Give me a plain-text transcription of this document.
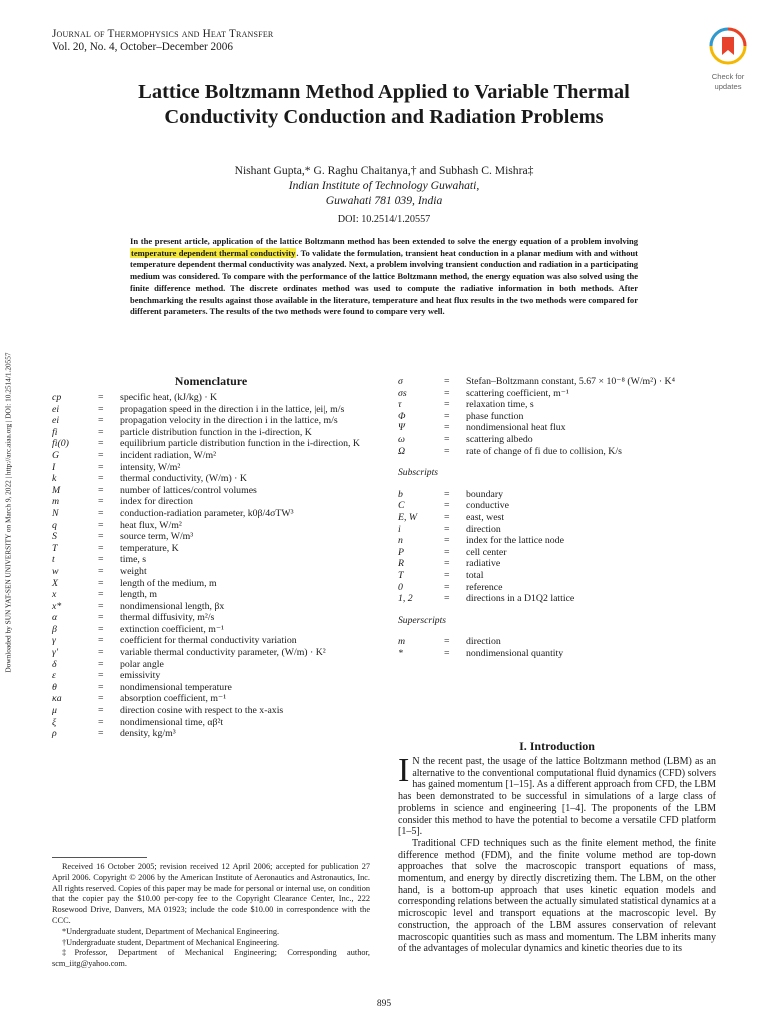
Journal of Thermophysics and Heat Transfer
Vol. 20, No. 4, October–December 2006
Check for
updates
Lattice Boltzmann Method Applied to Variable Thermal
Conductivity Conduction and Radiation Problems
Nishant Gupta,* G. Raghu Chaitanya,† and Subhash C. Mishra‡
Indian Institute of Technology Guwahati,
Guwahati 781 039, India
DOI: 10.2514/1.20557
In the present article, application of the lattice Boltzmann method has been extended to solve the energy equation of a problem involving temperature dependent thermal conductivity. To validate the formulation, transient heat conduction in a planar medium with and without temperature dependent thermal conductivity was analyzed. Next, a problem involving transient conduction and radiation in a participating medium was considered. To compare with the performance of the lattice Boltzmann method, the energy equation was also solved using the finite difference method. The discrete ordinates method was used to compute the radiative information in both methods. After benchmarking the results against those available in the literature, temperature and heat flux results in the two methods were compared for different parameters. The results of the two methods were found to compare very well.
Downloaded by SUN YAT-SEN UNIVERSITY on March 9, 2022 | http://arc.aiaa.org | DOI: 10.2514/1.20557	Nomenclature
cp	=	specific heat, (kJ/kg) · K
ei	=	propagation speed in the direction i in the lattice, |ei|, m/s
ei	=	propagation velocity in the direction i in the lattice, m/s
fi	=	particle distribution function in the i-direction, K
fi(0)	=	equilibrium particle distribution function in the i-direction, K
G	=	incident radiation, W/m²
I	=	intensity, W/m²
k	=	thermal conductivity, (W/m) · K
M	=	number of lattices/control volumes
m	=	index for direction
N	=	conduction-radiation parameter, k0β/4σTW³
q	=	heat flux, W/m²
S	=	source term, W/m³
T	=	temperature, K
t	=	time, s
w	=	weight
X	=	length of the medium, m
x	=	length, m
x*	=	nondimensional length, βx
α	=	thermal diffusivity, m²/s
β	=	extinction coefficient, m⁻¹
γ	=	coefficient for thermal conductivity variation
γ′	=	variable thermal conductivity parameter, (W/m) · K²
δ	=	polar angle
ε	=	emissivity
θ	=	nondimensional temperature
κa	=	absorption coefficient, m⁻¹
μ	=	direction cosine with respect to the x-axis
ξ	=	nondimensional time, αβ²t
ρ	=	density, kg/m³
σ	=	Stefan–Boltzmann constant, 5.67 × 10⁻⁸ (W/m²) · K⁴
σs	=	scattering coefficient, m⁻¹
τ	=	relaxation time, s
Φ	=	phase function
Ψ	=	nondimensional heat flux
ω	=	scattering albedo
Ω	=	rate of change of fi due to collision, K/s
Subscripts
b	=	boundary
C	=	conductive
E, W	=	east, west
i	=	direction
n	=	index for the lattice node
P	=	cell center
R	=	radiative
T	=	total
0	=	reference
1, 2	=	directions in a D1Q2 lattice
Superscripts
m	=	direction
*	=	nondimensional quantity
I. Introduction

I N the recent past, the usage of the lattice Boltzmann method (LBM) as an alternative to the conventional computational fluid dynamics (CFD) solvers has gained momentum [1–15]. As a different approach from CFD, the LBM has been demonstrated to be successful in simulations of a large class of problems in science and engineering [1–4]. The proponents of the LBM consider this method to have the potential to become a versatile CFD platform [1–5].

Traditional CFD techniques such as the finite element method, the finite difference method (FDM), and the finite volume method are top-down approaches that solve the macroscopic transport equations of mass, momentum, and energy by directly discretizing them. The LBM, on the other hand, is a bottom-up approach that uses kinetic equation models and corresponding relations between the actually simulated statistical dynamics at a microscopic level and transport equations at the macroscopic level. By construction, the approach of the LBM assures conservation of relevant macroscopic quantities such as mass and momentum. The LBM inherits many of the advantages of molecular dynamics and kinetic theories due to its

Received 16 October 2005; revision received 12 April 2006; accepted for publication 27 April 2006. Copyright © 2006 by the American Institute of Aeronautics and Astronautics, Inc. All rights reserved. Copies of this paper may be made for personal or internal use, on condition that the copier pay the $10.00 per-copy fee to the Copyright Clearance Center, Inc., 222 Rosewood Drive, Danvers, MA 01923; include the code $10.00 in correspondence with the CCC.

*Undergraduate student, Department of Mechanical Engineering.

†Undergraduate student, Department of Mechanical Engineering.

‡Professor, Department of Mechanical Engineering; Corresponding author, scm_iitg@yahoo.com.

895
